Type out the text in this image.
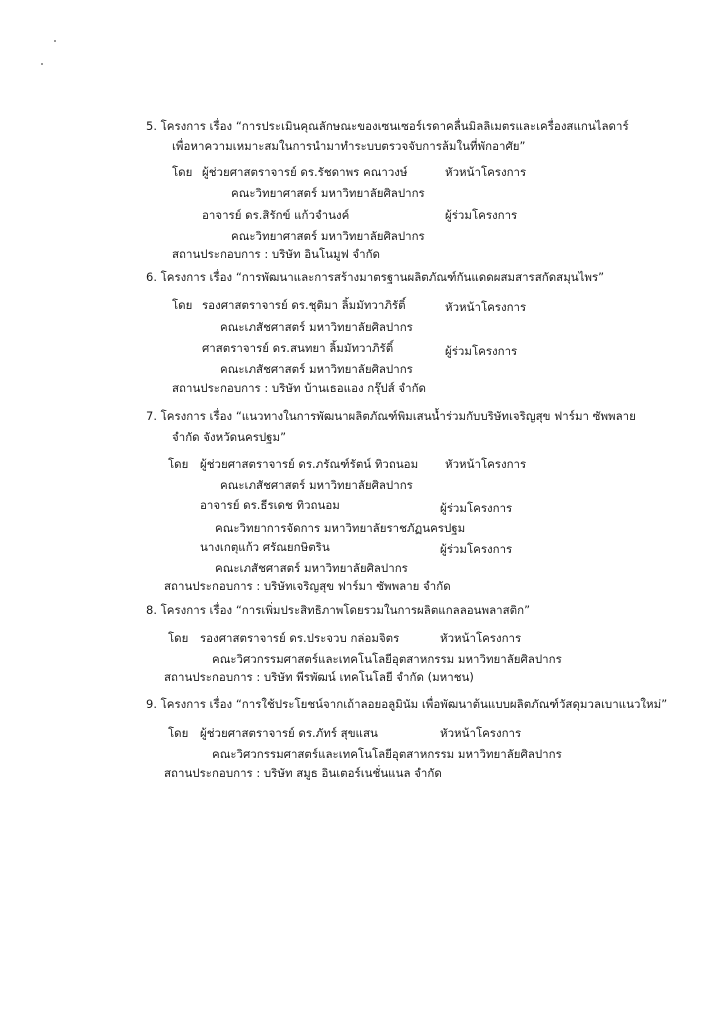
5. โครงการ เรื่อง “การประเมินคุณลักษณะของเซนเซอร์เรดาคลื่นมิลลิเมตรและเครื่องสแกนไลดาร์
เพื่อหาความเหมาะสมในการนำมาทำระบบตรวจจับการล้มในที่พักอาศัย”
โดย ผู้ช่วยศาสตราจารย์ ดร.รัชดาพร คณาวงษ์	หัวหน้าโครงการ
คณะวิทยาศาสตร์ มหาวิทยาลัยศิลปากร
อาจารย์ ดร.สิรักข์ แก้วจำนงค์	ผู้ร่วมโครงการ
คณะวิทยาศาสตร์ มหาวิทยาลัยศิลปากร
สถานประกอบการ : บริษัท อินโนมูฟ จำกัด
6. โครงการ เรื่อง “การพัฒนาและการสร้างมาตรฐานผลิตภัณฑ์กันแดดผสมสารสกัดสมุนไพร”
โดย รองศาสตราจารย์ ดร.ชุติมา ลิ้มมัทวาภิรัติ์	หัวหน้าโครงการ
คณะเภสัชศาสตร์ มหาวิทยาลัยศิลปากร
ศาสตราจารย์ ดร.สนทยา ลิ้มมัทวาภิรัติ์	ผู้ร่วมโครงการ
คณะเภสัชศาสตร์ มหาวิทยาลัยศิลปากร
สถานประกอบการ : บริษัท บ้านเธอแอง กรุ๊ปส์ จำกัด
7. โครงการ เรื่อง “แนวทางในการพัฒนาผลิตภัณฑ์พิมเสนน้ำร่วมกับบริษัทเจริญสุข ฟาร์มา ซัพพลาย
จำกัด จังหวัดนครปฐม”
โดย ผู้ช่วยศาสตราจารย์ ดร.ภรัณฑ์รัตน์ ทิวถนอม หัวหน้าโครงการ
คณะเภสัชศาสตร์ มหาวิทยาลัยศิลปากร
อาจารย์ ดร.ธีรเดช ทิวถนอม	ผู้ร่วมโครงการ
คณะวิทยาการจัดการ มหาวิทยาลัยราชภัฏนครปฐม
นางเกตุแก้ว ศรัณยกษิตริน	ผู้ร่วมโครงการ
คณะเภสัชศาสตร์ มหาวิทยาลัยศิลปากร
สถานประกอบการ : บริษัทเจริญสุข ฟาร์มา ซัพพลาย จำกัด
8. โครงการ เรื่อง “การเพิ่มประสิทธิภาพโดยรวมในการผลิตแกลลอนพลาสติก”
โดย รองศาสตราจารย์ ดร.ประจวบ กล่อมจิตร	หัวหน้าโครงการ
คณะวิศวกรรมศาสตร์และเทคโนโลยีอุตสาหกรรม มหาวิทยาลัยศิลปากร
สถานประกอบการ : บริษัท พีรพัฒน์ เทคโนโลยี จำกัด (มหาชน)
9. โครงการ เรื่อง “การใช้ประโยชน์จากเถ้าลอยอลูมินัม เพื่อพัฒนาต้นแบบผลิตภัณฑ์วัสดุมวลเบาแนวใหม่”
โดย ผู้ช่วยศาสตราจารย์ ดร.ภัทร์ สุขแสน	หัวหน้าโครงการ
คณะวิศวกรรมศาสตร์และเทคโนโลยีอุตสาหกรรม มหาวิทยาลัยศิลปากร
สถานประกอบการ : บริษัท สมูธ อินเตอร์เนชั่นแนล จำกัด
